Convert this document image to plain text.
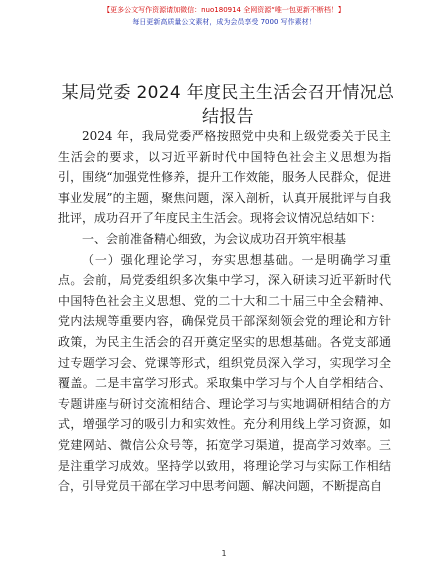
【更多公文写作资源请加微信：nuo180914 全网资源“唯一包更新不断档！】
每日更新高质量公文素材，成为会员享受 7000 写作素材！
某局党委 2024 年度民主生活会召开情况总结报告

2024 年，我局党委严格按照党中央和上级党委关于民主生活会的要求，以习近平新时代中国特色社会主义思想为指引，围绕“加强党性修养，提升工作效能，服务人民群众，促进事业发展”的主题，聚焦问题，深入剖析，认真开展批评与自我批评，成功召开了年度民主生活会。现将会议情况总结如下：

一、会前准备精心细致，为会议成功召开筑牢根基

（一）强化理论学习，夯实思想基础。一是明确学习重点。会前，局党委组织多次集中学习，深入研读习近平新时代中国特色社会主义思想、党的二十大和二十届三中全会精神、党内法规等重要内容，确保党员干部深刻领会党的理论和方针政策，为民主生活会的召开奠定坚实的思想基础。各党支部通过专题学习会、党课等形式，组织党员深入学习，实现学习全覆盖。二是丰富学习形式。采取集中学习与个人自学相结合、专题讲座与研讨交流相结合、理论学习与实地调研相结合的方式，增强学习的吸引力和实效性。充分利用线上学习资源，如党建网站、微信公众号等，拓宽学习渠道，提高学习效率。三是注重学习成效。坚持学以致用，将理论学习与实际工作相结合，引导党员干部在学习中思考问题、解决问题，不断提高自

1
